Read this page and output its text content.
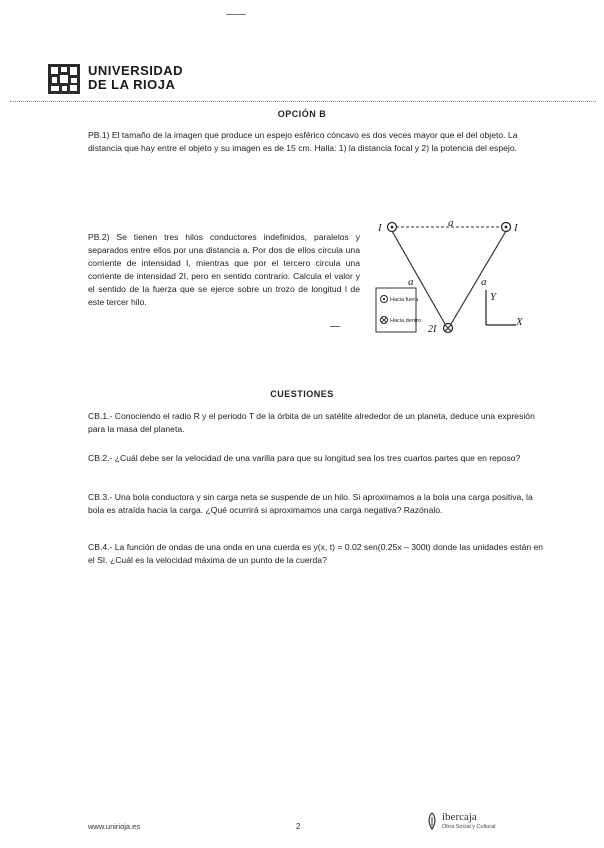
UNIVERSIDAD
DE LA RIOJA
OPCIÓN B
PB.1) El tamaño de la imagen que produce un espejo esférico cóncavo es dos veces mayor que el del objeto. La distancia que hay entre el objeto y su imagen es de 15 cm. Halla: 1) la distancia focal y 2) la potencia del espejo.
PB.2) Se tienen tres hilos conductores indefinidos, paralelos y separados entre ellos por una distancia a. Por dos de ellos circula una corriente de intensidad I, mientras que por el tercero circula una corriente de intensidad 2I, pero en sentido contrario. Calcula el valor y el sentido de la fuerza que se ejerce sobre un trozo de longitud l de este tercer hilo.
I	I
2I
a
a	a
Hacia fuera
Hacia dentro
Y
X
CUESTIONES
CB.1.- Conociendo el radio R y el periodo T de la órbita de un satélite alrededor de un planeta, deduce una expresión para la masa del planeta.
CB.2.- ¿Cuál debe ser la velocidad de una varilla para que su longitud sea los tres cuartos partes que en reposo?
CB.3.- Una bola conductora y sin carga neta se suspende de un hilo. Si aproximamos a la bola una carga positiva, la bola es atraída hacia la carga. ¿Qué ocurrirá si aproximamos una carga negativa? Razónalo.
CB.4.- La función de ondas de una onda en una cuerda es y(x, t) = 0.02 sen(0.25x – 300t) donde las unidades están en el SI. ¿Cuál es la velocidad máxima de un punto de la cuerda?
www.unirioja.es	2
ibercaja
Obra Social y Cultural
